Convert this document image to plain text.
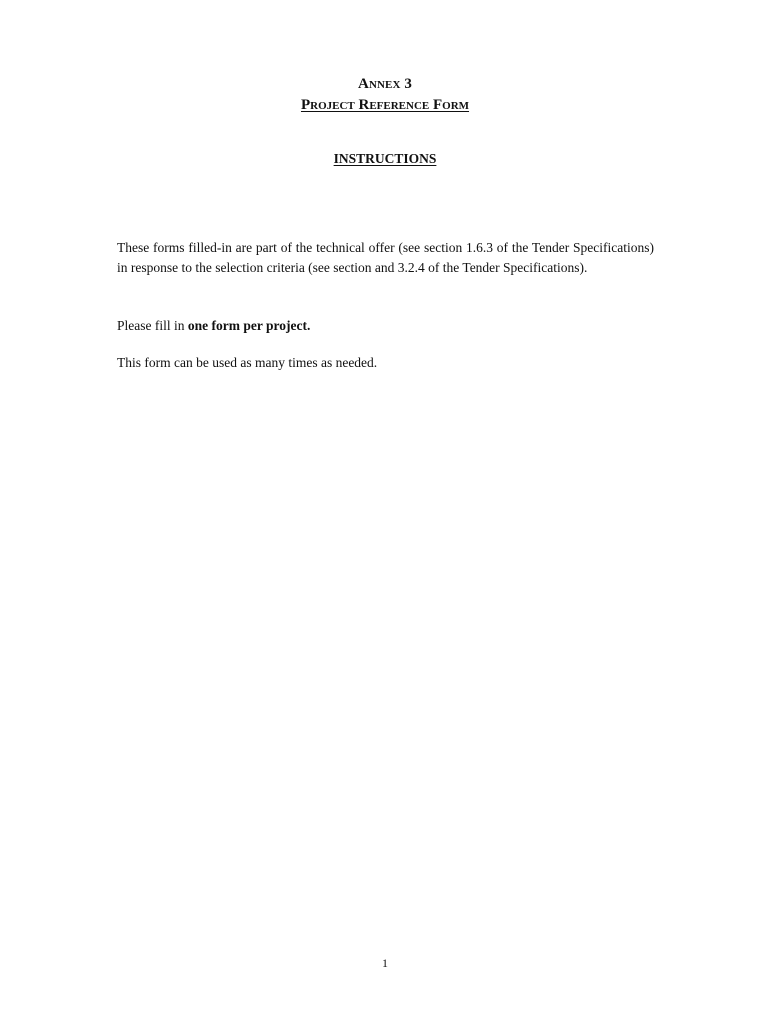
Annex 3
Project Reference Form
INSTRUCTIONS

These forms filled-in are part of the technical offer (see section 1.6.3 of the Tender Specifications) in response to the selection criteria (see section and 3.2.4 of the Tender Specifications).

Please fill in one form per project.

This form can be used as many times as needed.

1
